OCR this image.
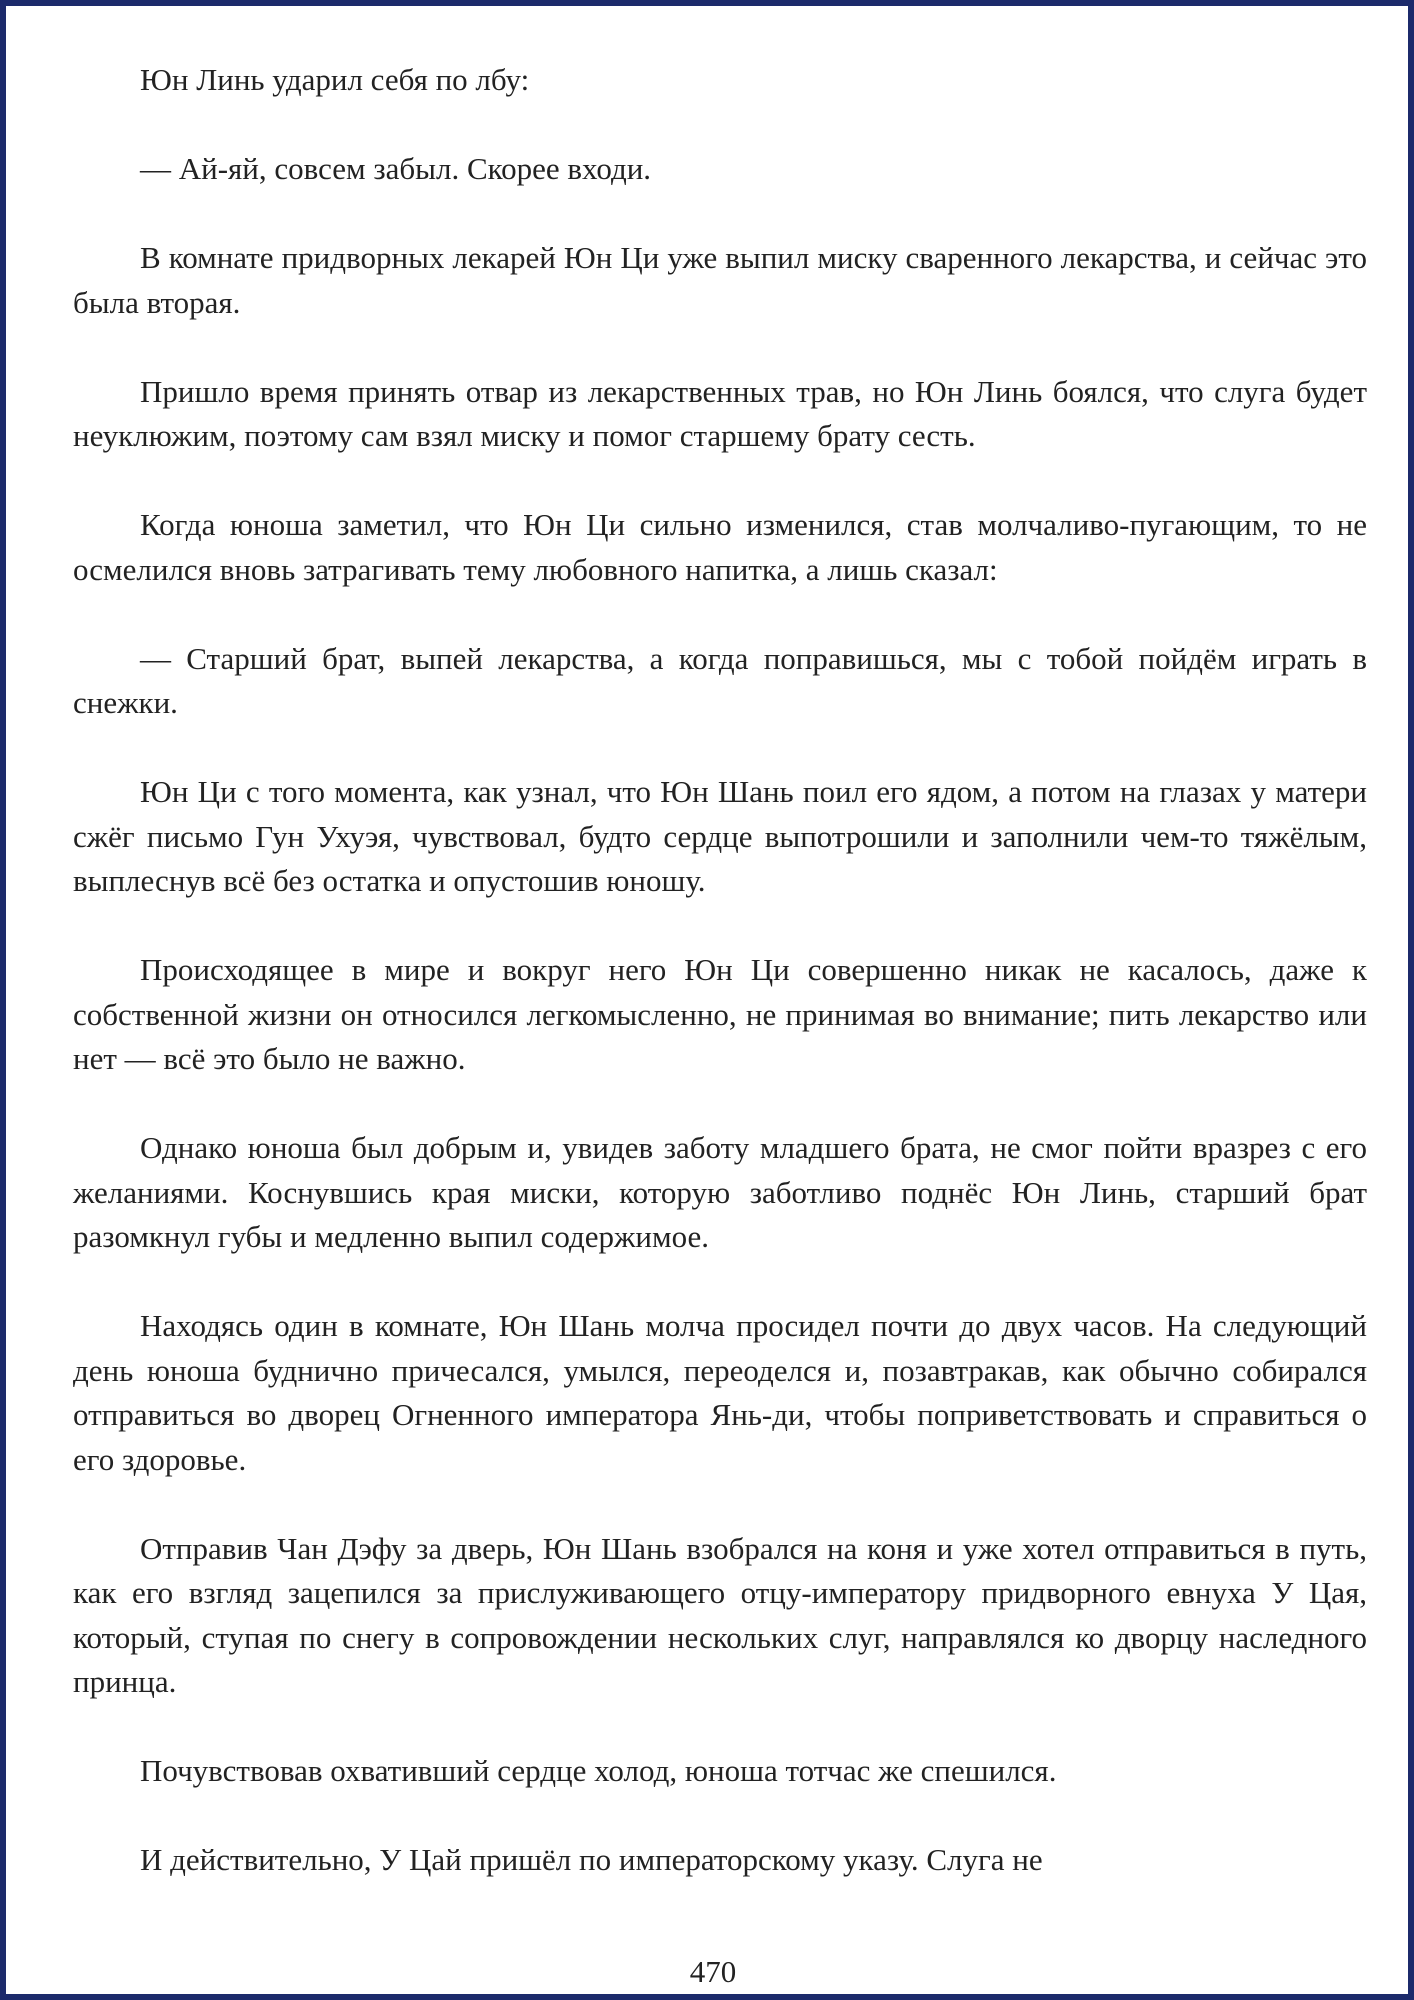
Юн Линь ударил себя по лбу:

— Ай-яй, совсем забыл. Скорее входи.

В комнате придворных лекарей Юн Ци уже выпил миску сваренного лекарства, и сейчас это была вторая.

Пришло время принять отвар из лекарственных трав, но Юн Линь боялся, что слуга будет неуклюжим, поэтому сам взял миску и помог старшему брату сесть.

Когда юноша заметил, что Юн Ци сильно изменился, став молчаливо-пугающим, то не осмелился вновь затрагивать тему любовного напитка, а лишь сказал:

— Старший брат, выпей лекарства, а когда поправишься, мы с тобой пойдём играть в снежки.

Юн Ци с того момента, как узнал, что Юн Шань поил его ядом, а потом на глазах у матери сжёг письмо Гун Ухуэя, чувствовал, будто сердце выпотрошили и заполнили чем-то тяжёлым, выплеснув всё без остатка и опустошив юношу.

Происходящее в мире и вокруг него Юн Ци совершенно никак не касалось, даже к собственной жизни он относился легкомысленно, не принимая во внимание; пить лекарство или нет — всё это было не важно.

Однако юноша был добрым и, увидев заботу младшего брата, не смог пойти вразрез с его желаниями. Коснувшись края миски, которую заботливо поднёс Юн Линь, старший брат разомкнул губы и медленно выпил содержимое.

Находясь один в комнате, Юн Шань молча просидел почти до двух часов. На следующий день юноша буднично причесался, умылся, переоделся и, позавтракав, как обычно собирался отправиться во дворец Огненного императора Янь-ди, чтобы поприветствовать и справиться о его здоровье.

Отправив Чан Дэфу за дверь, Юн Шань взобрался на коня и уже хотел отправиться в путь, как его взгляд зацепился за прислуживающего отцу-императору придворного евнуха У Цая, который, ступая по снегу в сопровождении нескольких слуг, направлялся ко дворцу наследного принца.

Почувствовав охвативший сердце холод, юноша тотчас же спешился.

И действительно, У Цай пришёл по императорскому указу. Слуга не

470
